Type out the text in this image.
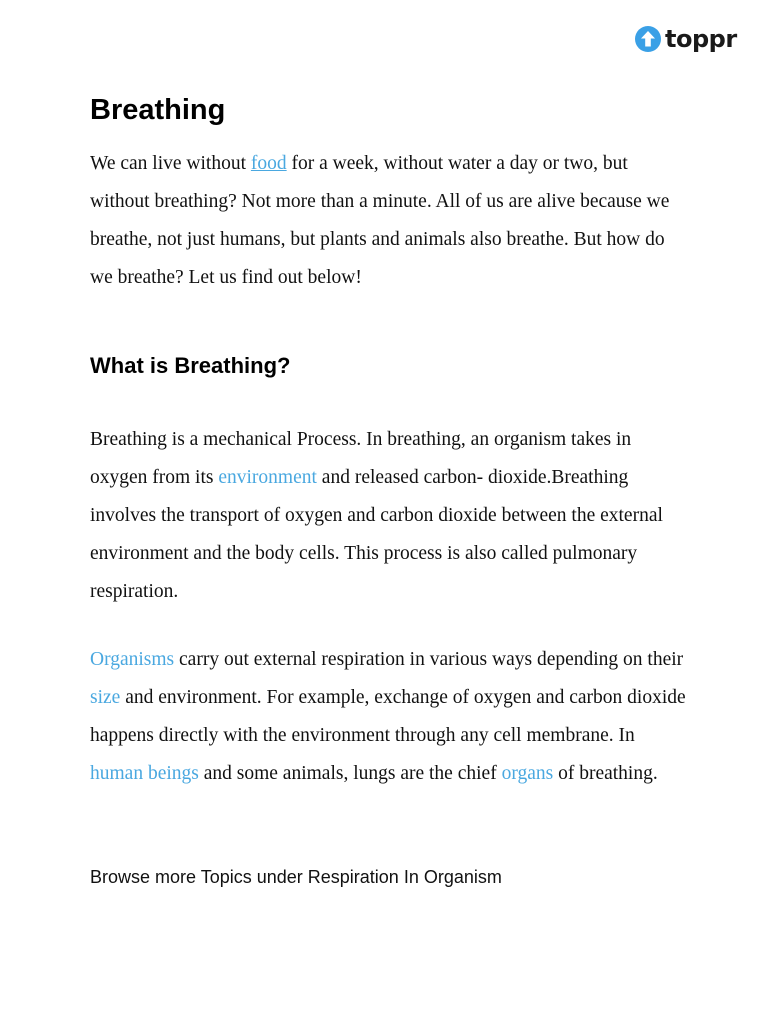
toppr
Breathing

We can live without food for a week, without water a day or two, but without breathing? Not more than a minute. All of us are alive because we breathe, not just humans, but plants and animals also breathe. But how do we breathe? Let us find out below!

What is Breathing?

Breathing is a mechanical Process. In breathing, an organism takes in oxygen from its environment and released carbon- dioxide.Breathing involves the transport of oxygen and carbon dioxide between the external environment and the body cells. This process is also called pulmonary respiration.

Organisms carry out external respiration in various ways depending on their size and environment. For example, exchange of oxygen and carbon dioxide happens directly with the environment through any cell membrane. In human beings and some animals, lungs are the chief organs of breathing.

Browse more Topics under Respiration In Organism
